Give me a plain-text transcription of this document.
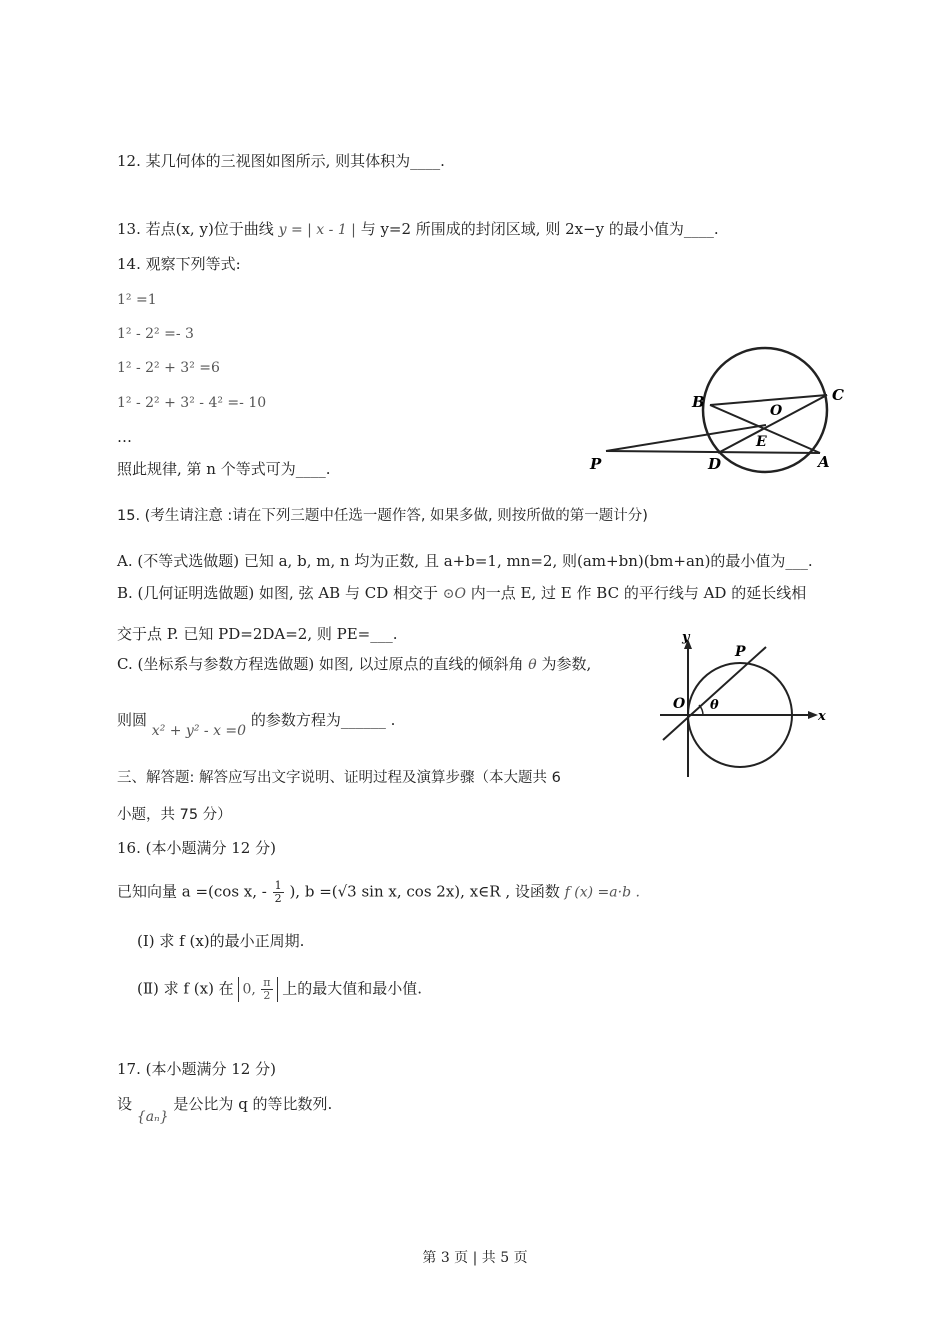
12. 某几何体的三视图如图所示, 则其体积为____.
13. 若点(x, y)位于曲线 y = | x - 1 | 与 y=2 所围成的封闭区域, 则 2x−y 的最小值为____.
14. 观察下列等式:
1² =1
1² - 2² =- 3
1² - 2² + 3² =6
1² - 2² + 3² - 4² =- 10
…
照此规律, 第 n 个等式可为____.
B	C
O
E
P	D	A
15. (考生请注意 :请在下列三题中任选一题作答, 如果多做, 则按所做的第一题计分)
A. (不等式选做题) 已知 a, b, m, n 均为正数, 且 a+b=1, mn=2, 则(am+bn)(bm+an)的最小值为___.
B. (几何证明选做题) 如图, 弦 AB 与 CD 相交于 ⊙O 内一点 E, 过 E 作 BC 的平行线与 AD 的延长线相
交于点 P. 已知 PD=2DA=2, 则 PE=___.
C. (坐标系与参数方程选做题) 如图, 以过原点的直线的倾斜角 θ 为参数,
则圆 x² + y² - x =0 的参数方程为______ .
y
P
O θ
x
三、解答题: 解答应写出文字说明、证明过程及演算步骤（本大题共 6
小题，共 75 分）
16. (本小题满分 12 分)
已知向量 a =(cos x, - $\frac{1}{2}$ ), b =(√3 sin x, cos 2x), x∈R , 设函数 f (x) =a·b .
(Ⅰ) 求 f (x)的最小正周期.
(Ⅱ) 求 f (x) 在 0, $\frac{\pi}{2}$ 上的最大值和最小值.
17. (本小题满分 12 分)
设 {aₙ} 是公比为 q 的等比数列.
第 3 页 | 共 5 页
